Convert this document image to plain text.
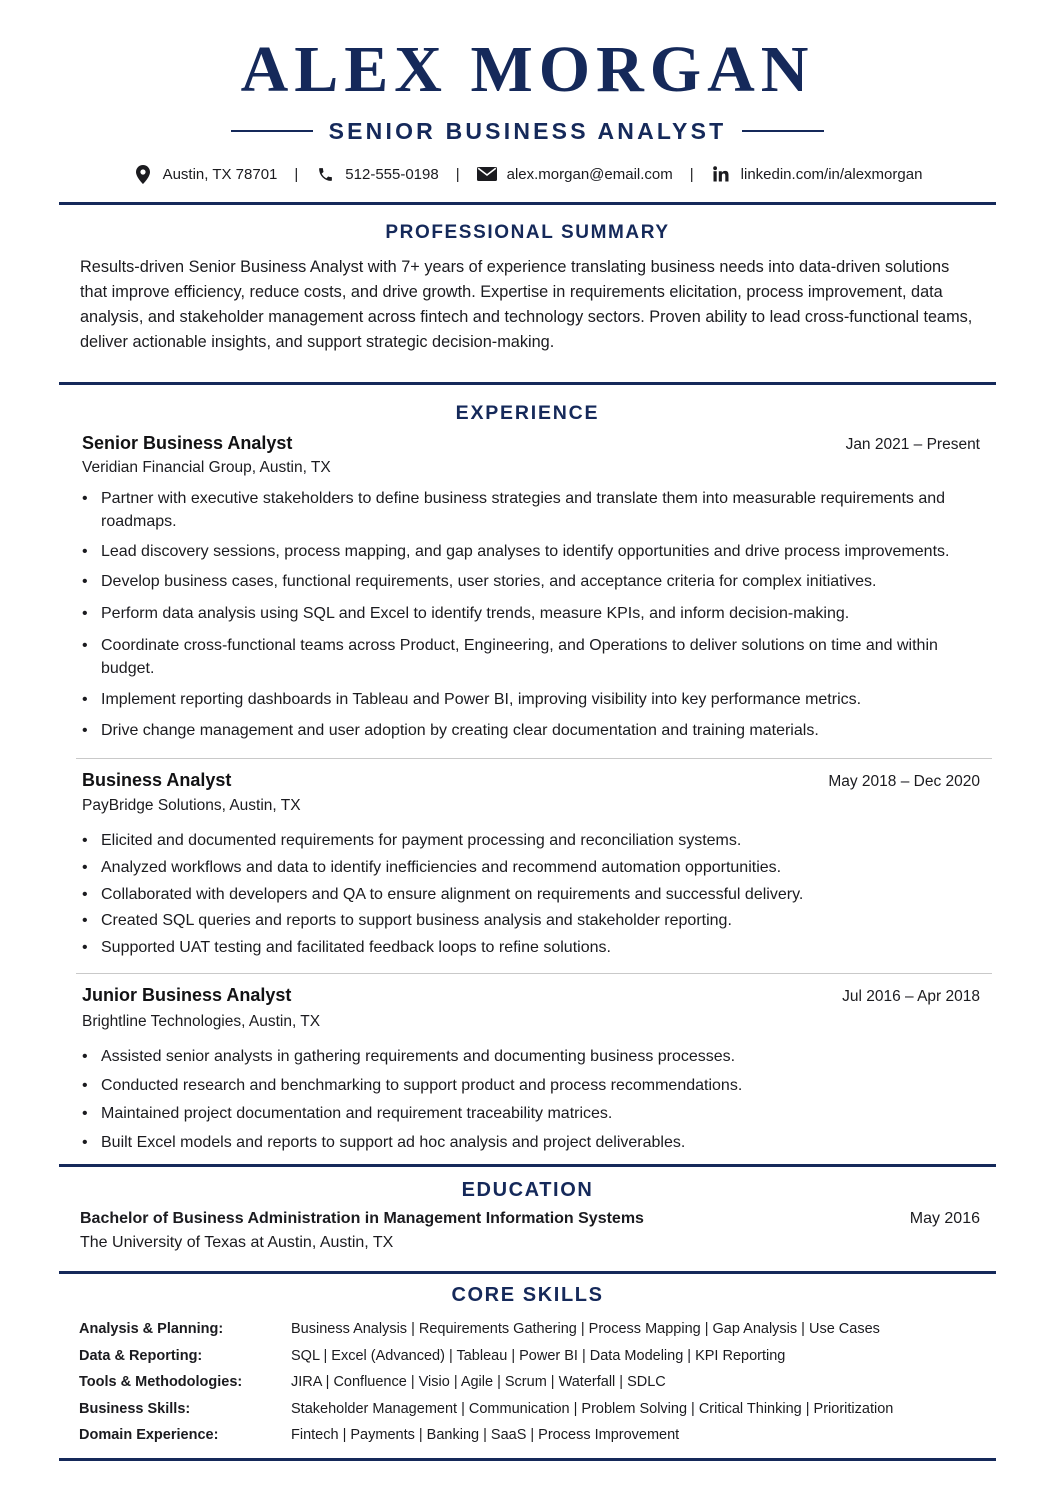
ALEX MORGAN
SENIOR BUSINESS ANALYST
Austin, TX 78701 |	512-555-0198 |	alex.morgan@email.com |	linkedin.com/in/alexmorgan
PROFESSIONAL SUMMARY
Results-driven Senior Business Analyst with 7+ years of experience translating business needs into data-driven solutions that improve efficiency, reduce costs, and drive growth. Expertise in requirements elicitation, process improvement, data analysis, and stakeholder management across fintech and technology sectors. Proven ability to lead cross-functional teams, deliver actionable insights, and support strategic decision-making.
EXPERIENCE
Senior Business Analyst	Jan 2021 – Present
Veridian Financial Group, Austin, TX
• Partner with executive stakeholders to define business strategies and translate them into measurable requirements and roadmaps.
• Lead discovery sessions, process mapping, and gap analyses to identify opportunities and drive process improvements.
• Develop business cases, functional requirements, user stories, and acceptance criteria for complex initiatives.
• Perform data analysis using SQL and Excel to identify trends, measure KPIs, and inform decision-making.
• Coordinate cross-functional teams across Product, Engineering, and Operations to deliver solutions on time and within budget.
• Implement reporting dashboards in Tableau and Power BI, improving visibility into key performance metrics.
• Drive change management and user adoption by creating clear documentation and training materials.
Business Analyst	May 2018 – Dec 2020
PayBridge Solutions, Austin, TX
• Elicited and documented requirements for payment processing and reconciliation systems.
• Analyzed workflows and data to identify inefficiencies and recommend automation opportunities.
• Collaborated with developers and QA to ensure alignment on requirements and successful delivery.
• Created SQL queries and reports to support business analysis and stakeholder reporting.
• Supported UAT testing and facilitated feedback loops to refine solutions.
Junior Business Analyst	Jul 2016 – Apr 2018
Brightline Technologies, Austin, TX
• Assisted senior analysts in gathering requirements and documenting business processes.
• Conducted research and benchmarking to support product and process recommendations.
• Maintained project documentation and requirement traceability matrices.
• Built Excel models and reports to support ad hoc analysis and project deliverables.
EDUCATION
Bachelor of Business Administration in Management Information Systems	May 2016
The University of Texas at Austin, Austin, TX
CORE SKILLS
Analysis & Planning:	Business Analysis | Requirements Gathering | Process Mapping | Gap Analysis | Use Cases
Data & Reporting:	SQL | Excel (Advanced) | Tableau | Power BI | Data Modeling | KPI Reporting
Tools & Methodologies:	JIRA | Confluence | Visio | Agile | Scrum | Waterfall | SDLC
Business Skills:	Stakeholder Management | Communication | Problem Solving | Critical Thinking | Prioritization
Domain Experience:	Fintech | Payments | Banking | SaaS | Process Improvement
